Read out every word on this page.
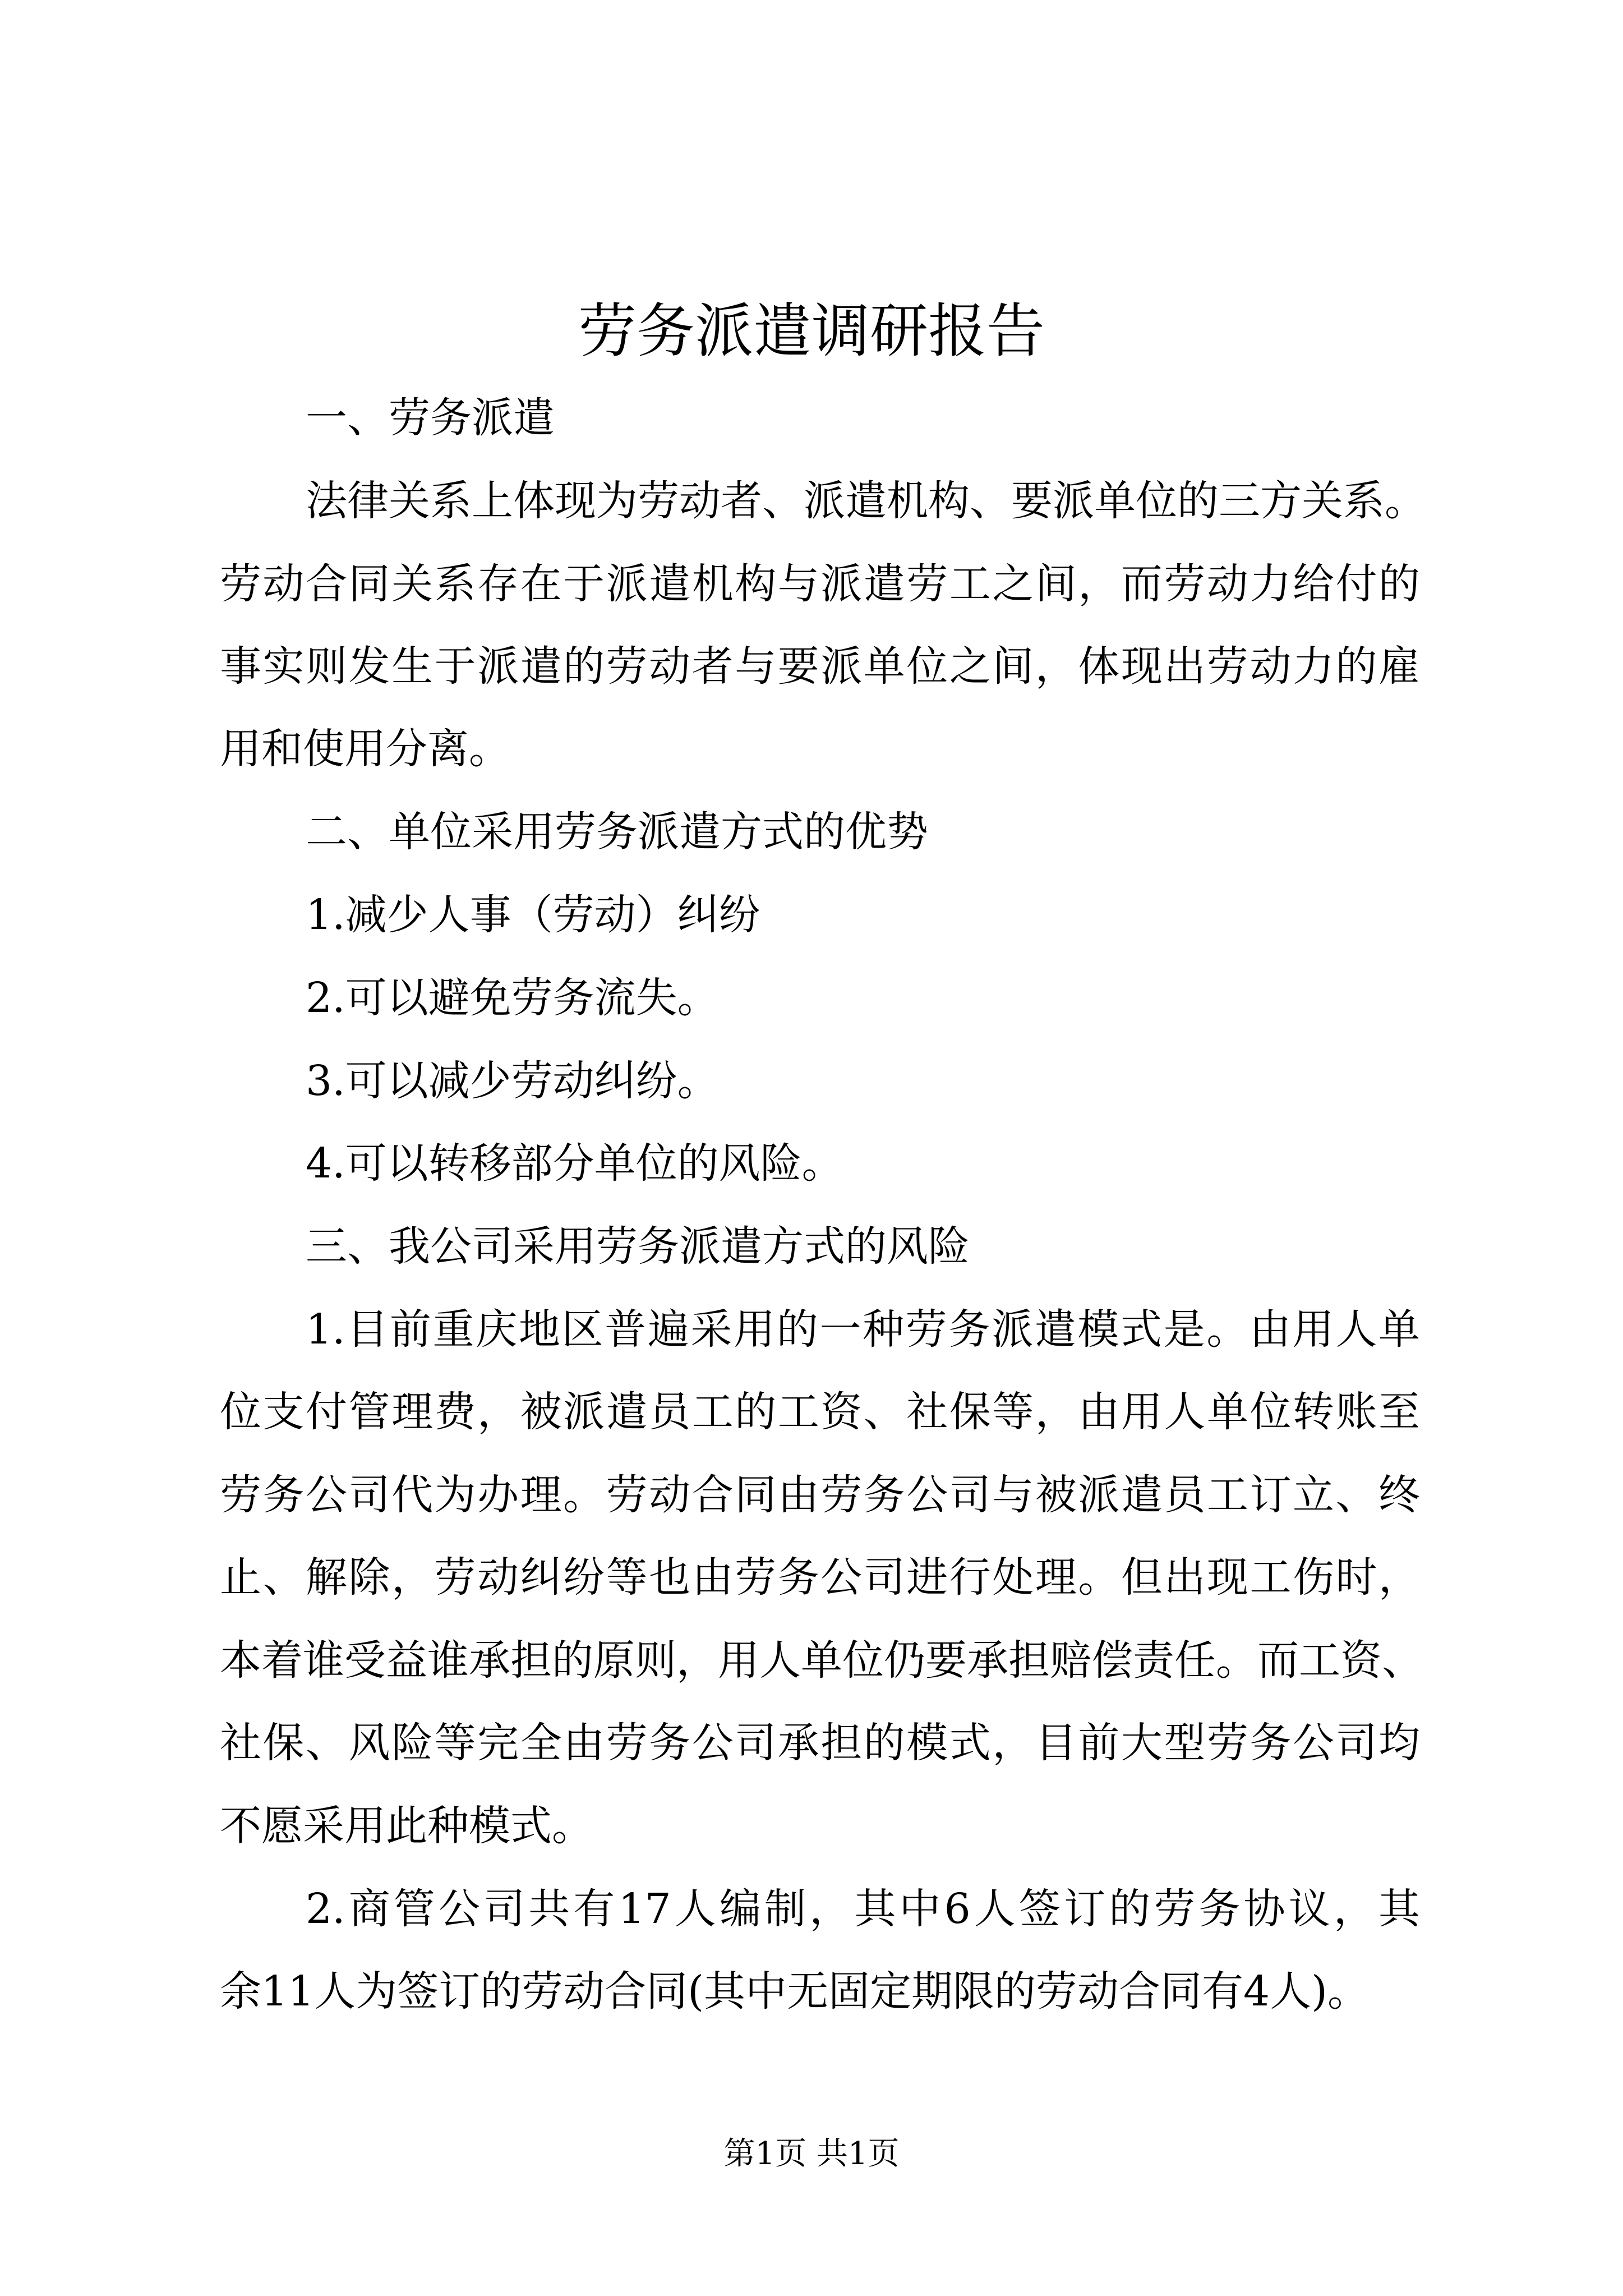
劳务派遣调研报告

一、劳务派遣

法律关系上体现为劳动者、派遣机构、要派单位的三方关系。

劳动合同关系存在于派遣机构与派遣劳工之间，而劳动力给付的

事实则发生于派遣的劳动者与要派单位之间，体现出劳动力的雇

用和使用分离。

二、单位采用劳务派遣方式的优势

1.减少人事（劳动）纠纷

2.可以避免劳务流失。

3.可以减少劳动纠纷。

4.可以转移部分单位的风险。

三、我公司采用劳务派遣方式的风险

1.目前重庆地区普遍采用的一种劳务派遣模式是。由用人单

位支付管理费，被派遣员工的工资、社保等，由用人单位转账至

劳务公司代为办理。劳动合同由劳务公司与被派遣员工订立、终

止、解除，劳动纠纷等也由劳务公司进行处理。但出现工伤时，

本着谁受益谁承担的原则，用人单位仍要承担赔偿责任。而工资、

社保、风险等完全由劳务公司承担的模式，目前大型劳务公司均

不愿采用此种模式。

2.商管公司共有17人编制，其中6人签订的劳务协议，其

余11人为签订的劳动合同(其中无固定期限的劳动合同有4人)。

第1页 共1页
